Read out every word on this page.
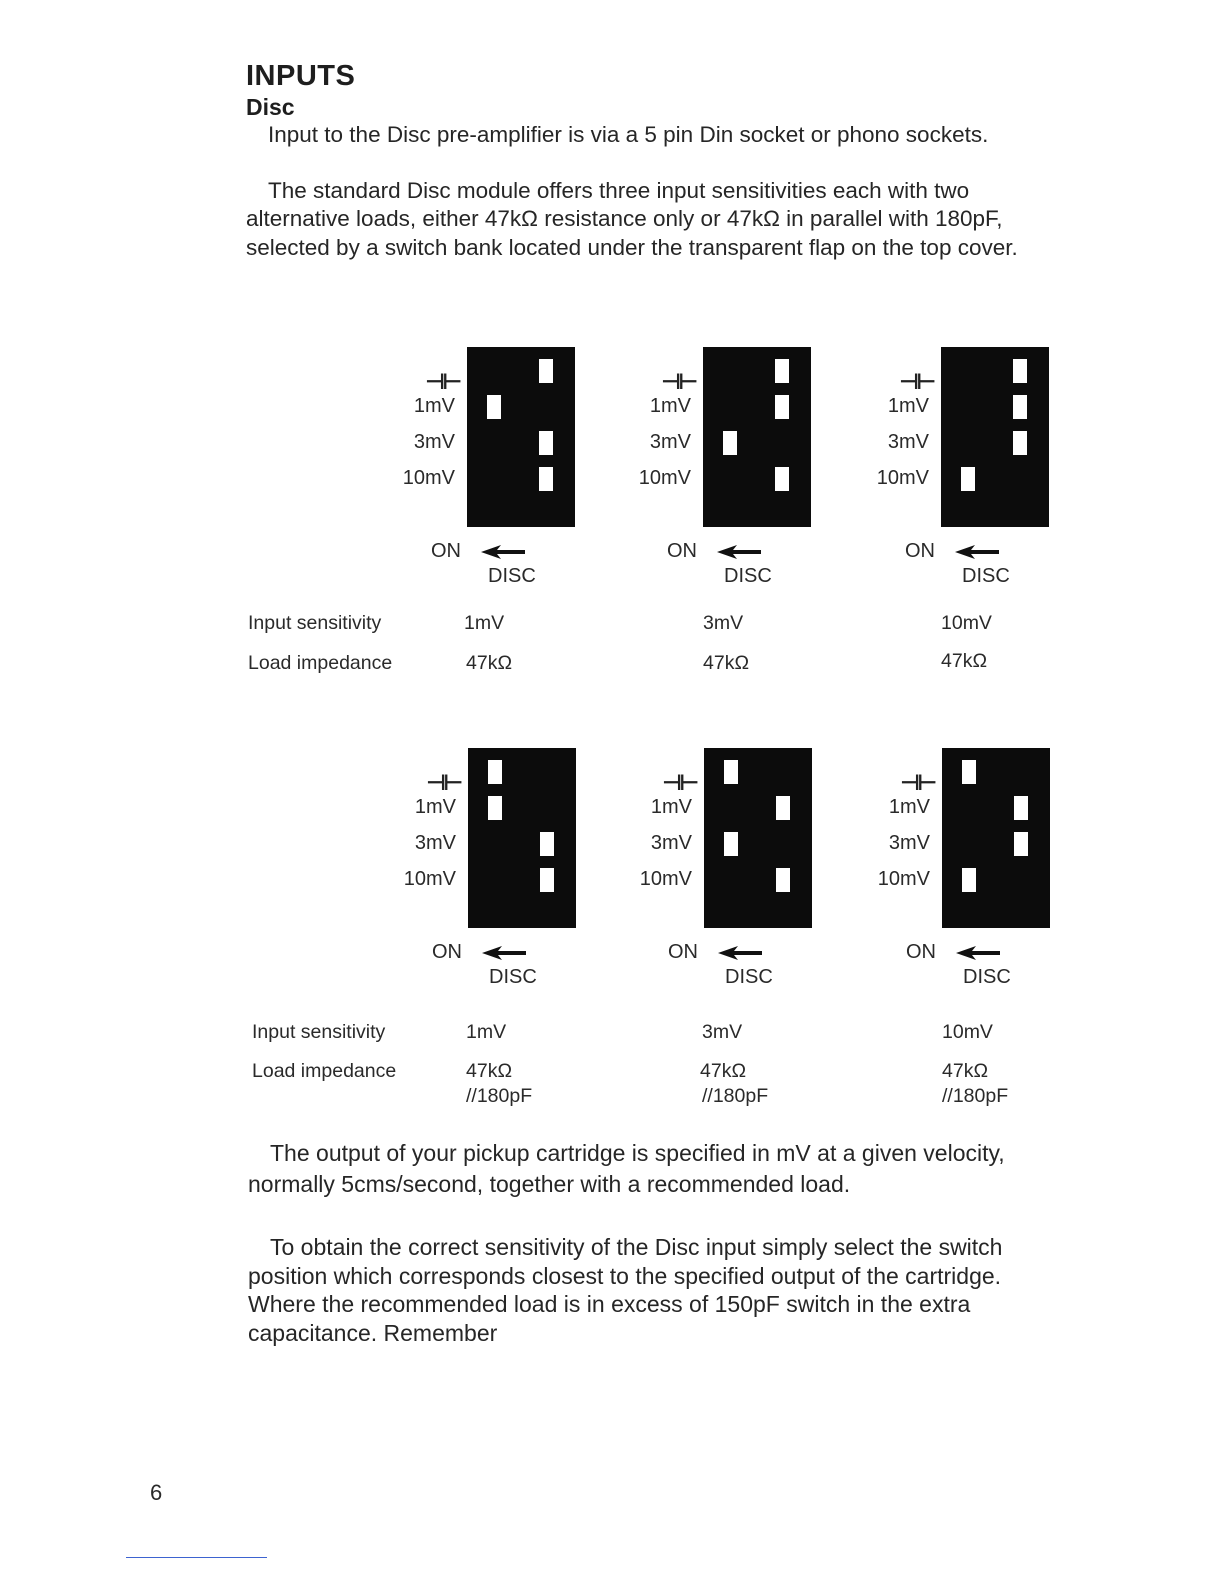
INPUTS
Disc

Input to the Disc pre-amplifier is via a 5 pin Din socket or phono sockets.

The standard Disc module offers three input sensitivities each with two alternative loads, either 47kΩ resistance only or 47kΩ in parallel with 180pF, selected by a switch bank located under the transparent flap on the top cover.

⊣⊢
1mV
3mV
10mV
ON
DISC
⊣⊢
1mV
3mV
10mV
ON
DISC
⊣⊢
1mV
3mV
10mV
ON
DISC
⊣⊢
1mV
3mV
10mV
ON
DISC
⊣⊢
1mV
3mV
10mV
ON
DISC
⊣⊢
1mV
3mV
10mV
ON
DISC
Input sensitivity
Load impedance
1mV
47kΩ
3mV
47kΩ
10mV
47kΩ
Input sensitivity
Load impedance
1mV
47kΩ
//180pF
3mV
47kΩ
//180pF
10mV
47kΩ
//180pF

The output of your pickup cartridge is specified in mV at a given velocity, normally 5cms/second, together with a recommended load.

To obtain the correct sensitivity of the Disc input simply select the switch position which corresponds closest to the specified output of the cartridge. Where the recommended load is in excess of 150pF switch in the extra capacitance. Remember

6
